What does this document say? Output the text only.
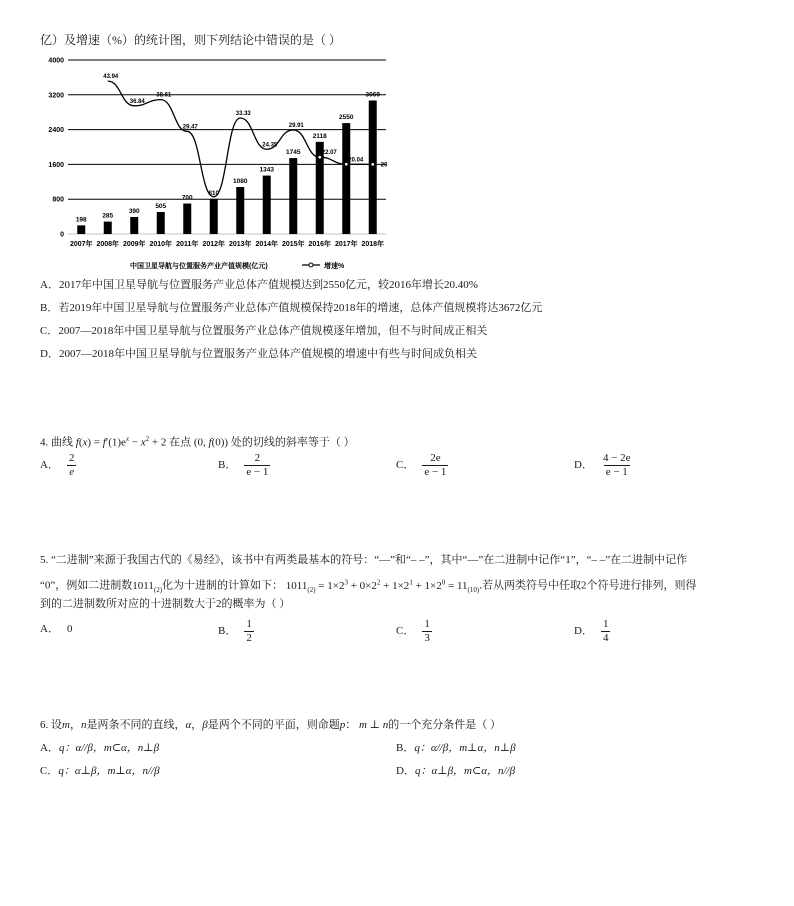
亿）及增速（%）的统计图，则下列结论中错误的是（ ）
0
800
1600
2400
3200
4000
198
285
390
505
700
810
1080
1343
1745
2118
2550
3069
43.94
36.84
38.61
29.47
33.33
24.35
29.91
22.07
20.04
20
2007年 2008年 2009年 2010年 2011年 2012年 2013年 2014年 2015年 2016年 2017年 2018年
中国卫星导航与位置服务产业产值规模(亿元)	增速%
A．2017年中国卫星导航与位置服务产业总体产值规模达到2550亿元，较2016年增长20.40%
B．若2019年中国卫星导航与位置服务产业总体产值规模保持2018年的增速，总体产值规模将达3672亿元
C．2007—2018年中国卫星导航与位置服务产业总体产值规模逐年增加，但不与时间成正相关
D．2007—2018年中国卫星导航与位置服务产业总体产值规模的增速中有些与时间成负相关
4. 曲线 $f(x) = f'(1)e^x - x^2 + 2$ 在点 (0, f(0)) 处的切线的斜率等于（ ）
A． $\frac{2}{e}$	B． $\frac{2}{e - 1}$	C． $\frac{2e}{e - 1}$	D． $\frac{4 - 2e}{e - 1}$
5. “二进制”来源于我国古代的《易经》，该书中有两类最基本的符号：“—”和“– –”，其中“—”在二进制中记作“1”，“– –”在二进制中记作
“0”，例如二进制数$1011_{(2)}$化为十进制的计算如下： $1011_{(2)} = 1\times 2^3 + 0\times 2^2 + 1\times 2^1 + 1\times 2^0 = 11_{(10)}$.若从两类符号中任取2个符号进行排列，则得
到的二进制数所对应的十进制数大于2的概率为（ ）
A． 0	B． $\frac{1}{2}$	C． $\frac{1}{3}$	D． $\frac{1}{4}$
6. 设m，n是两条不同的直线，α，β是两个不同的平面，则命题p： m ⊥ n的一个充分条件是（ ）
A．q：α//β，m⊂α，n⊥β	B．q：α//β，m⊥α，n⊥β
C．q：α⊥β，m⊥α，n//β	D．q：α⊥β，m⊂α，n//β
